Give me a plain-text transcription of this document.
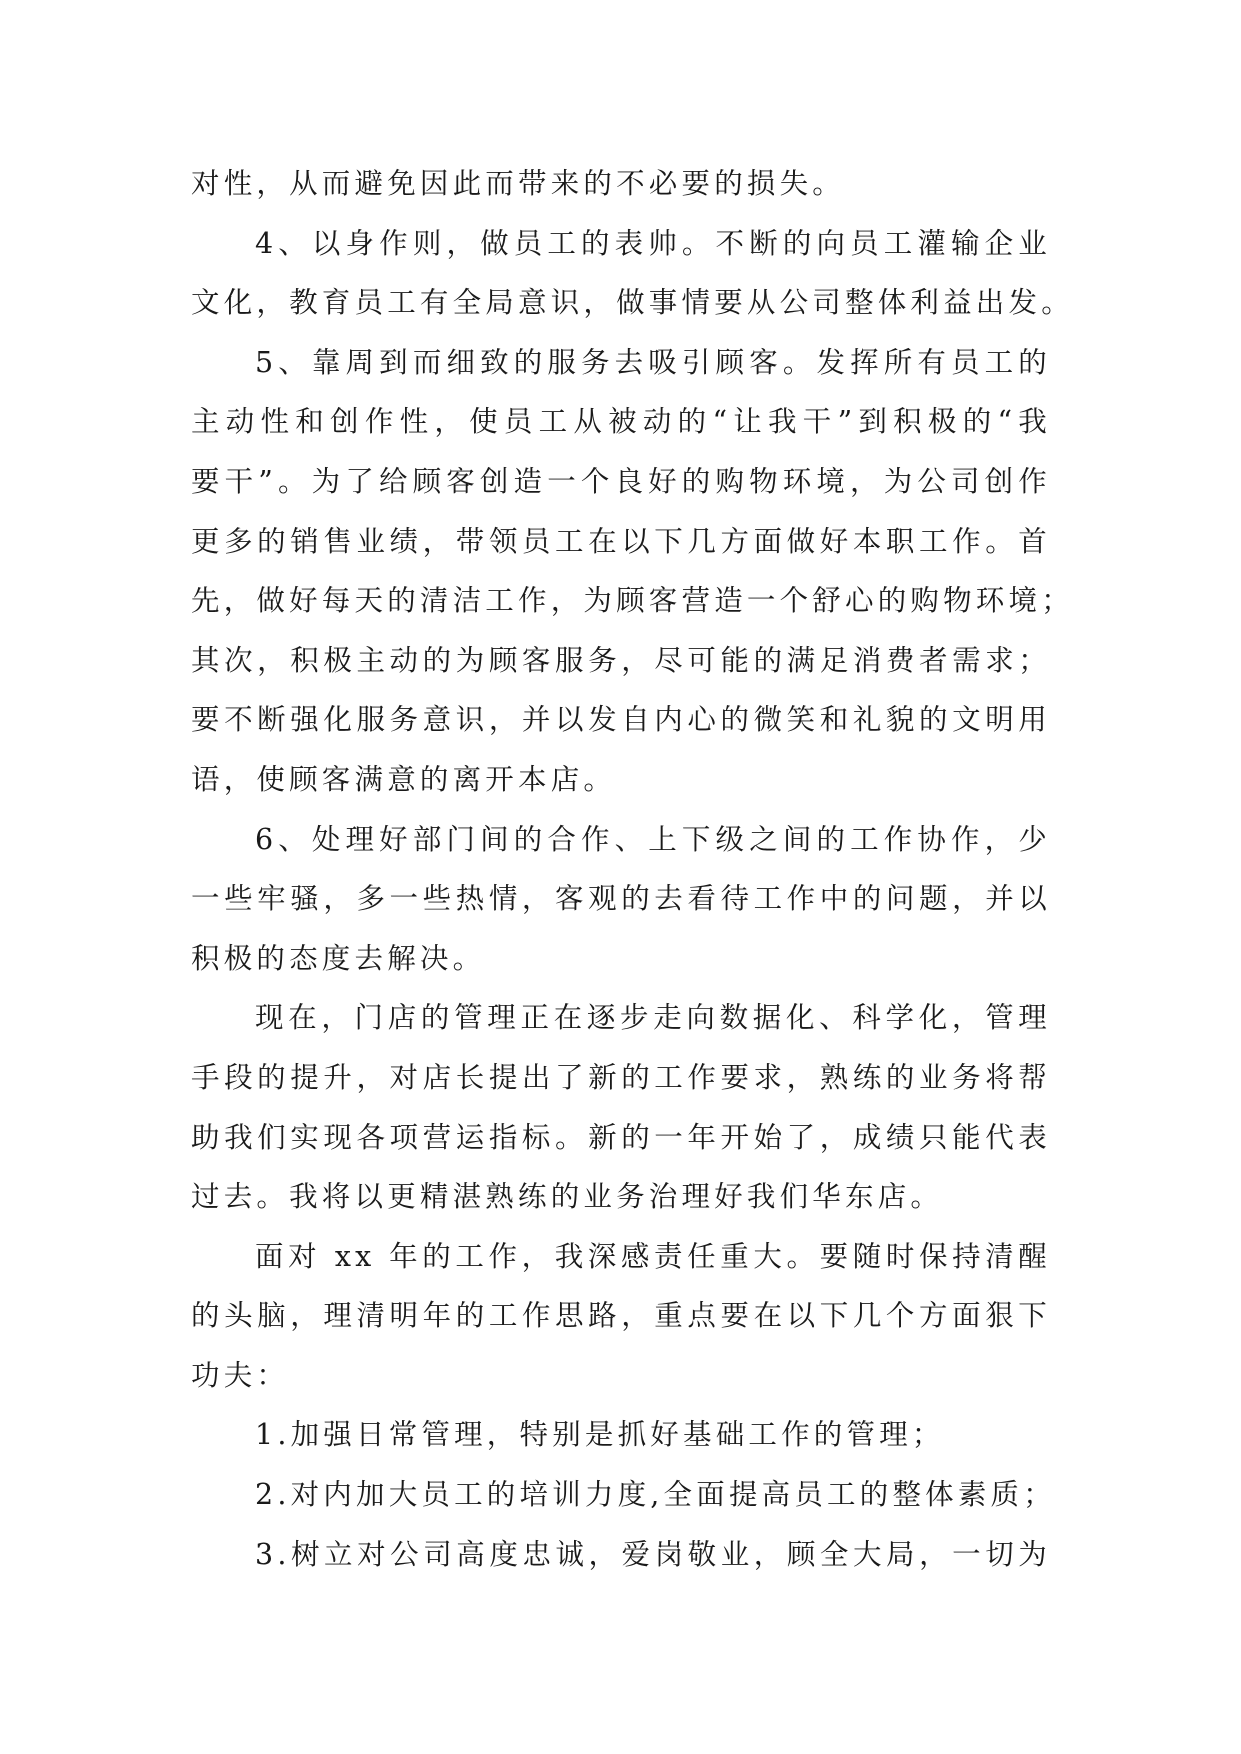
对性，从而避免因此而带来的不必要的损失。
4、以身作则，做员工的表帅。不断的向员工灌输企业
文化，教育员工有全局意识，做事情要从公司整体利益出发。
5、靠周到而细致的服务去吸引顾客。发挥所有员工的
主动性和创作性，使员工从被动的“让我干”到积极的“我
要干”。为了给顾客创造一个良好的购物环境，为公司创作
更多的销售业绩，带领员工在以下几方面做好本职工作。首
先，做好每天的清洁工作，为顾客营造一个舒心的购物环境；
其次，积极主动的为顾客服务，尽可能的满足消费者需求；
要不断强化服务意识，并以发自内心的微笑和礼貌的文明用
语，使顾客满意的离开本店。
6、处理好部门间的合作、上下级之间的工作协作，少
一些牢骚，多一些热情，客观的去看待工作中的问题，并以
积极的态度去解决。
现在，门店的管理正在逐步走向数据化、科学化，管理
手段的提升，对店长提出了新的工作要求，熟练的业务将帮
助我们实现各项营运指标。新的一年开始了，成绩只能代表
过去。我将以更精湛熟练的业务治理好我们华东店。
面对 xx 年的工作，我深感责任重大。要随时保持清醒
的头脑，理清明年的工作思路，重点要在以下几个方面狠下
功夫：
1.加强日常管理，特别是抓好基础工作的管理；
2.对内加大员工的培训力度,全面提高员工的整体素质；
3.树立对公司高度忠诚，爱岗敬业，顾全大局，一切为
